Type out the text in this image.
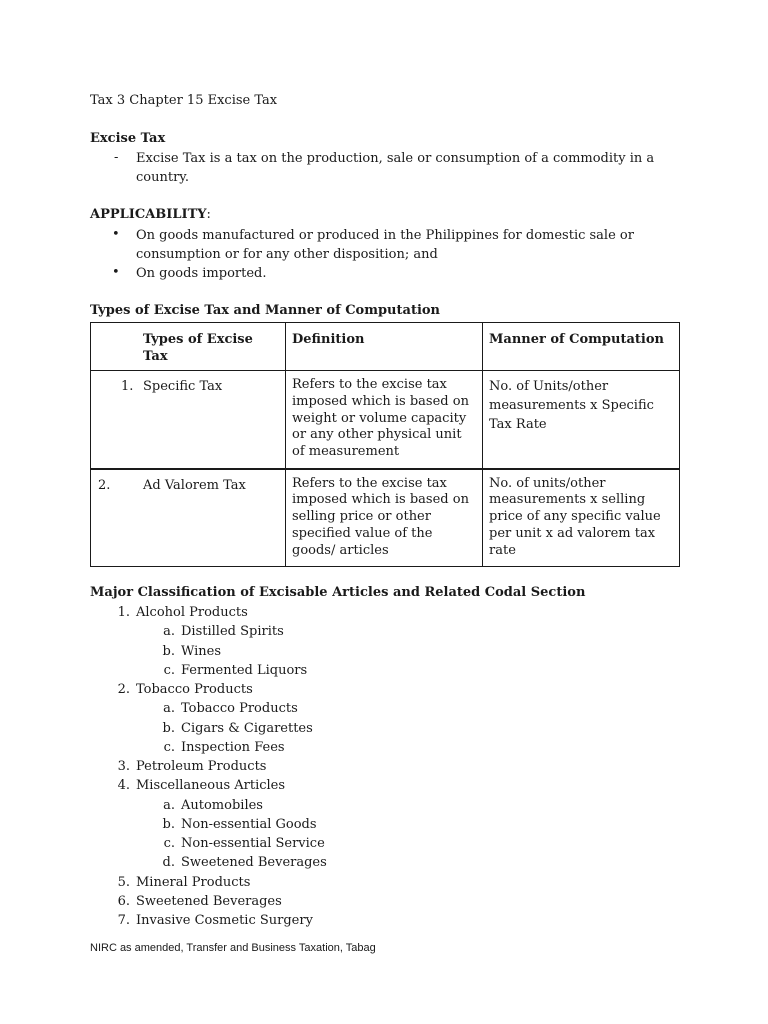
Tax 3 Chapter 15 Excise Tax
Excise Tax
- Excise Tax is a tax on the production, sale or consumption of a commodity in a country.
APPLICABILITY:
• On goods manufactured or produced in the Philippines for domestic sale or consumption or for any other disposition; and
• On goods imported.
Types of Excise Tax and Manner of Computation
Types of Excise Tax	Definition	Manner of Computation

1. Specific Tax	Refers to the excise tax imposed which is based on weight or volume capacity or any other physical unit of measurement	No. of Units/other measurements x Specific Tax Rate

2. Ad Valorem Tax	Refers to the excise tax imposed which is based on selling price or other specified value of the goods/ articles	No. of units/other measurements x selling price of any specific value per unit x ad valorem tax rate
Major Classification of Excisable Articles and Related Codal Section
1. Alcohol Products
a. Distilled Spirits
b. Wines
c. Fermented Liquors
2. Tobacco Products
a. Tobacco Products
b. Cigars & Cigarettes
c. Inspection Fees
3. Petroleum Products
4. Miscellaneous Articles
a. Automobiles
b. Non-essential Goods
c. Non-essential Service
d. Sweetened Beverages
5. Mineral Products
6. Sweetened Beverages
7. Invasive Cosmetic Surgery
NIRC as amended, Transfer and Business Taxation, Tabag
